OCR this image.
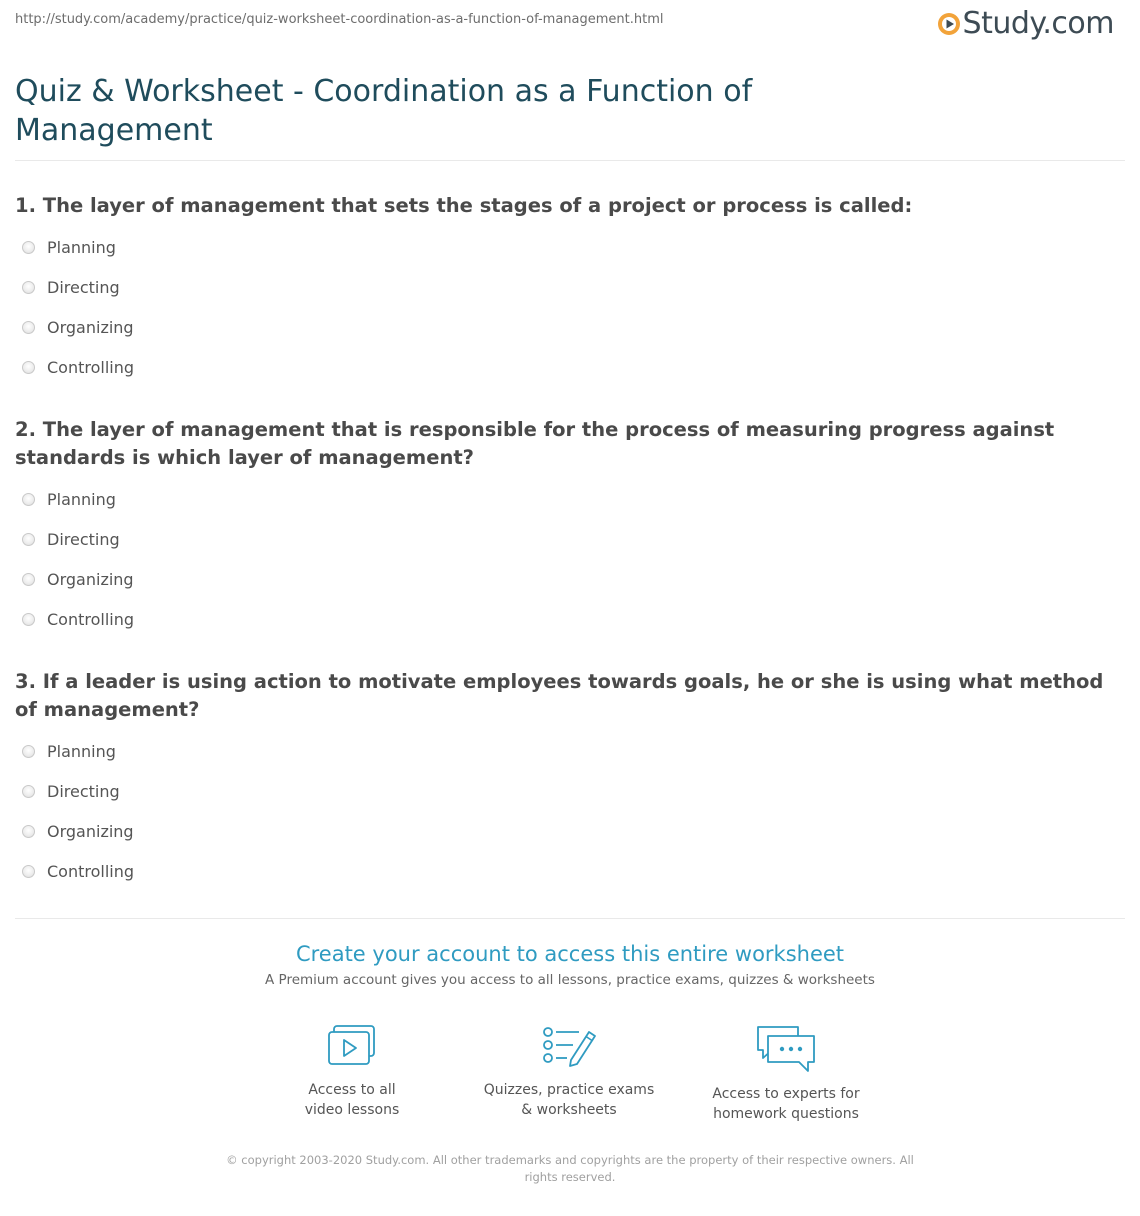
http://study.com/academy/practice/quiz-worksheet-coordination-as-a-function-of-management.html	Study.com
Quiz & Worksheet - Coordination as a Function of Management
1. The layer of management that sets the stages of a project or process is called:
Planning
Directing
Organizing
Controlling
2. The layer of management that is responsible for the process of measuring progress against standards is which layer of management?
Planning
Directing
Organizing
Controlling
3. If a leader is using action to motivate employees towards goals, he or she is using what method of management?
Planning
Directing
Organizing
Controlling
Create your account to access this entire worksheet
A Premium account gives you access to all lessons, practice exams, quizzes & worksheets
Access to all
video lessons
Quizzes, practice exams
& worksheets
Access to experts for
homework questions
© copyright 2003-2020 Study.com. All other trademarks and copyrights are the property of their respective owners. All rights reserved.
